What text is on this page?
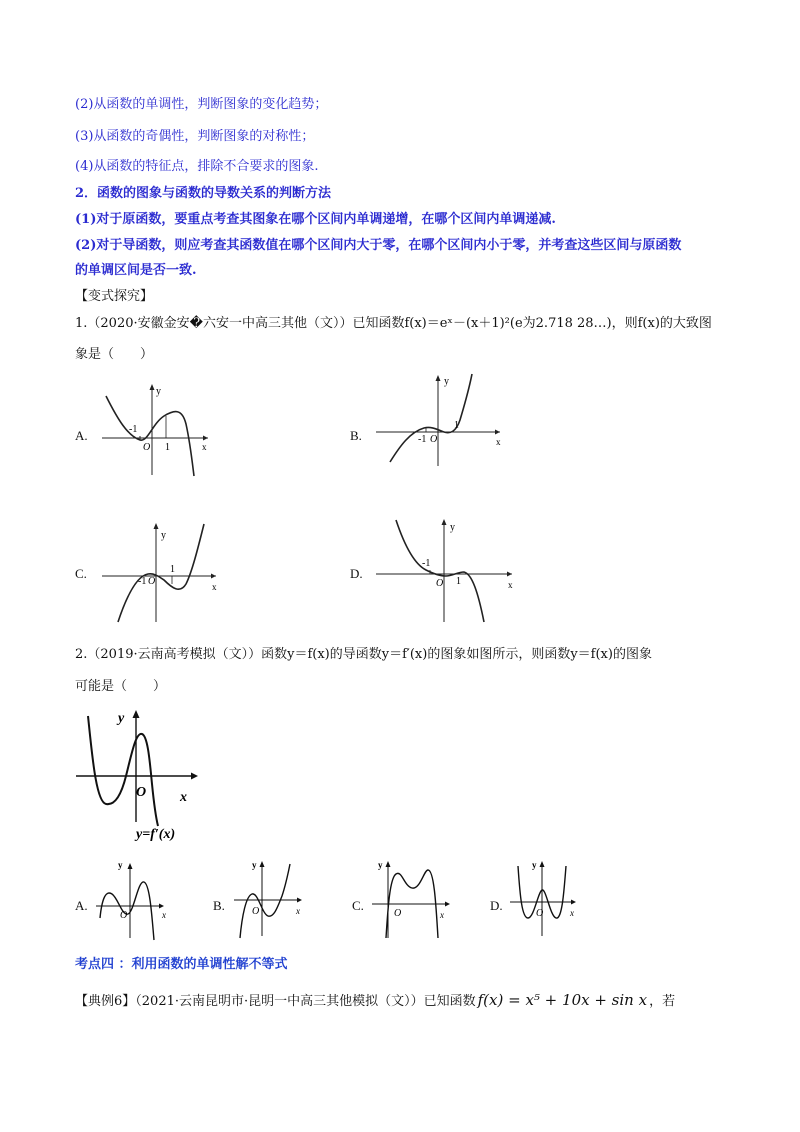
(2)从函数的单调性，判断图象的变化趋势；
(3)从函数的奇偶性，判断图象的对称性；
(4)从函数的特征点，排除不合要求的图象.
2．函数的图象与函数的导数关系的判断方法
(1)对于原函数，要重点考查其图象在哪个区间内单调递增，在哪个区间内单调递减.
(2)对于导函数，则应考查其函数值在哪个区间内大于零，在哪个区间内小于零，并考查这些区间与原函数
的单调区间是否一致.
【变式探究】
1.（2020·安徽金安�六安一中高三其他（文））已知函数f(x)＝eˣ－(x＋1)²(e为2.718 28…)，则f(x)的大致图
象是（　　）
A.	-1
1
O	x
y
B.	-1
1
O	x
y
C.
-1
1
O	x
y
D.
-1
1
O	x
y
2.（2019·云南高考模拟（文））函数y＝f(x)的导函数y＝f′(x)的图象如图所示，则函数y＝f(x)的图象
可能是（　　）
y
O x
y=f′(x)
A.
y
O	x
B.
y
O	x	C.
y
O	x
D.
y
O	x
考点四 ：利用函数的单调性解不等式
【典例6】（2021·云南昆明市·昆明一中高三其他模拟（文））已知函数 f(x) = x⁵ + 10x + sin x ，若
